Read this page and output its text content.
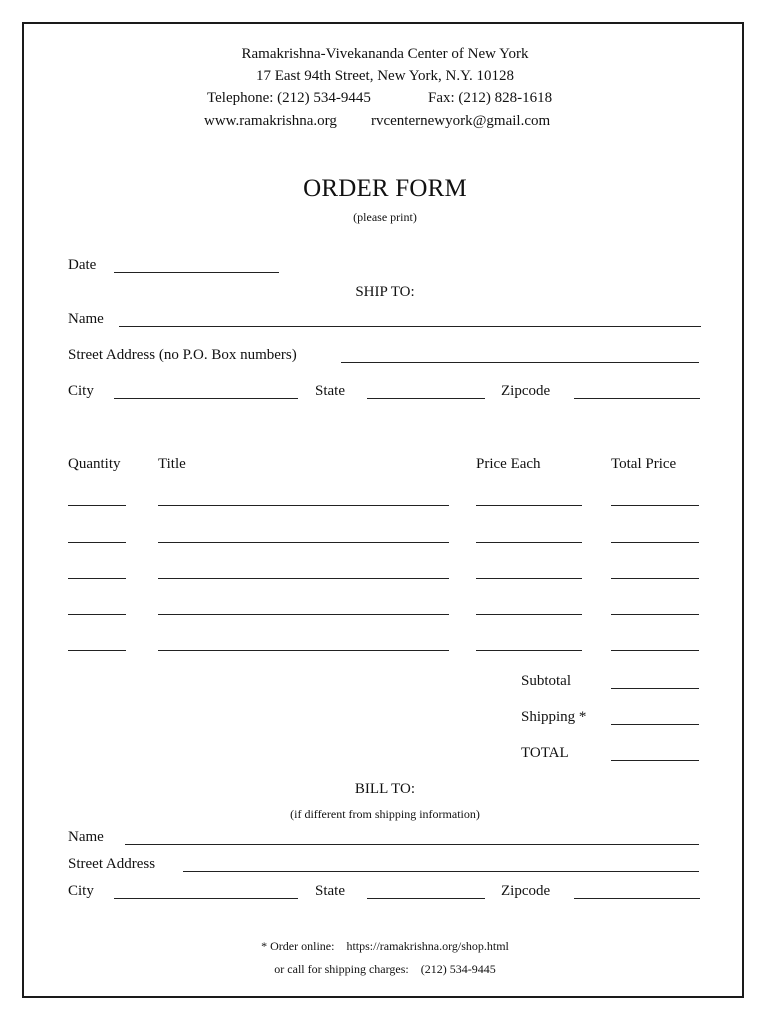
Ramakrishna-Vivekananda Center of New York
17 East 94th Street, New York, N.Y. 10128
Telephone: (212) 534-9445	Fax: (212) 828-1618
www.ramakrishna.org rvcenternewyork@gmail.com
ORDER FORM
(please print)
Date
SHIP TO:
Name
Street Address (no P.O. Box numbers)
City	State	Zipcode
Quantity	Title	Price Each	Total Price
Subtotal
Shipping *
TOTAL
BILL TO:
(if different from shipping information)
Name
Street Address
City	State	Zipcode
* Order online:    https://ramakrishna.org/shop.html
or call for shipping charges:    (212) 534-9445
